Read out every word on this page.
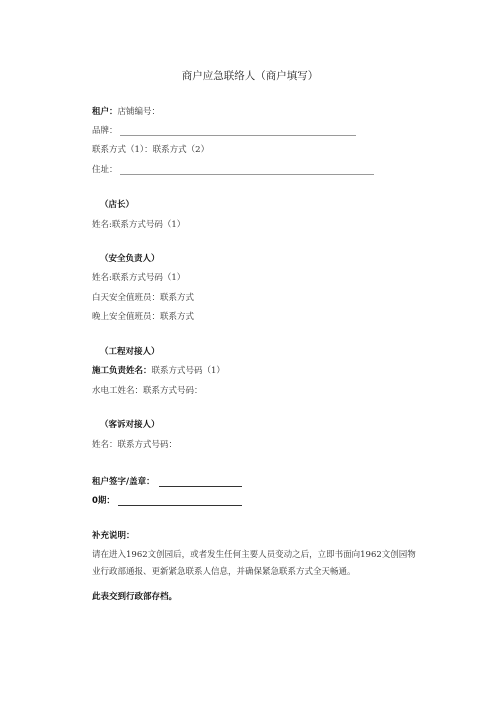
商户应急联络人（商户填写）
租户：店铺编号：
品牌：
联系方式（1）：联系方式（2）
住址：
（店长）
姓名:联系方式号码（1）
（安全负责人）
姓名:联系方式号码（1）
白天安全值班员：联系方式
晚上安全值班员：联系方式
（工程对接人）
施工负责姓名：联系方式号码（1）
水电工姓名：联系方式号码：
（客诉对接人）
姓名：联系方式号码：
租户签字/盖章：
0期：
补充说明：
请在进入1962文创园后，或者发生任何主要人员变动之后，立即书面向1962文创园物业行政部通报、更新紧急联系人信息，并确保紧急联系方式全天畅通。
此表交到行政部存档。
